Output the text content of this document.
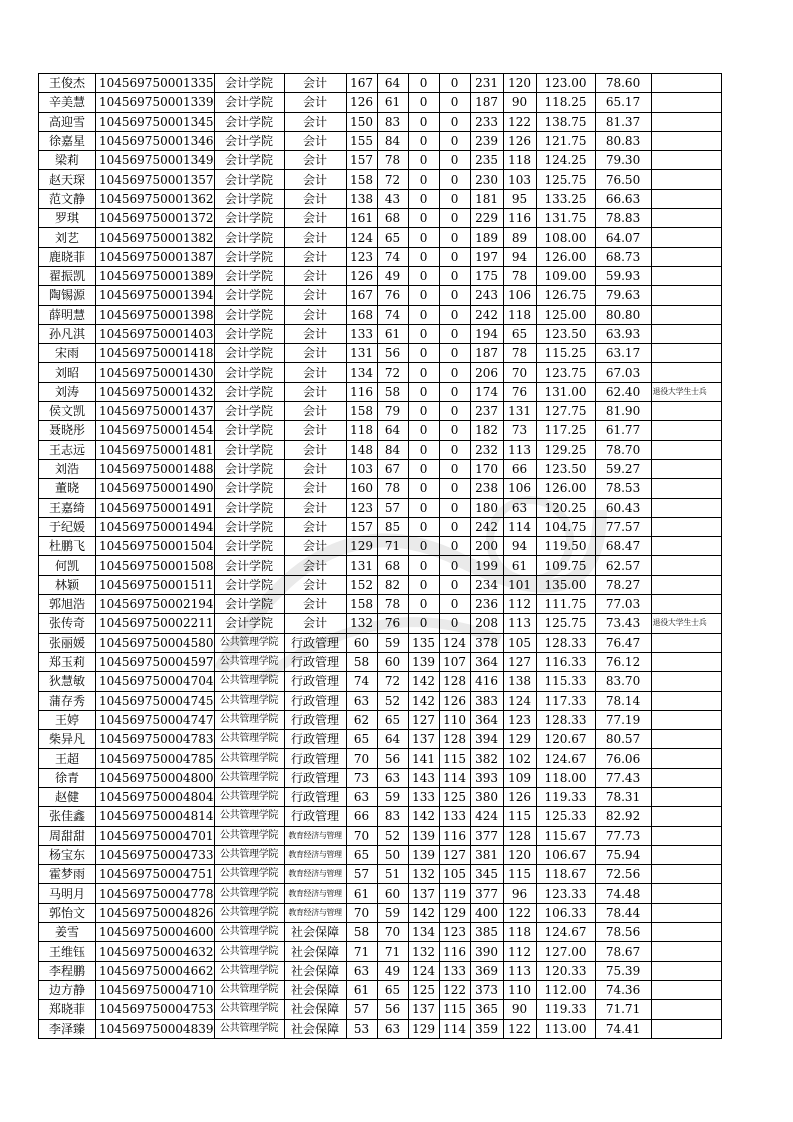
王俊杰	104569750001335	会计学院	会计	167	64	0	0	231	120	123.00	78.60	
辛美慧	104569750001339	会计学院	会计	126	61	0	0	187	90	118.25	65.17	
高迎雪	104569750001345	会计学院	会计	150	83	0	0	233	122	138.75	81.37	
徐嘉星	104569750001346	会计学院	会计	155	84	0	0	239	126	121.75	80.83	
梁莉	104569750001349	会计学院	会计	157	78	0	0	235	118	124.25	79.30	
赵天琛	104569750001357	会计学院	会计	158	72	0	0	230	103	125.75	76.50	
范文静	104569750001362	会计学院	会计	138	43	0	0	181	95	133.25	66.63	
罗琪	104569750001372	会计学院	会计	161	68	0	0	229	116	131.75	78.83	
刘艺	104569750001382	会计学院	会计	124	65	0	0	189	89	108.00	64.07	
鹿晓菲	104569750001387	会计学院	会计	123	74	0	0	197	94	126.00	68.73	
翟振凯	104569750001389	会计学院	会计	126	49	0	0	175	78	109.00	59.93	
陶锡源	104569750001394	会计学院	会计	167	76	0	0	243	106	126.75	79.63	
薛明慧	104569750001398	会计学院	会计	168	74	0	0	242	118	125.00	80.80	
孙凡淇	104569750001403	会计学院	会计	133	61	0	0	194	65	123.50	63.93	
宋雨	104569750001418	会计学院	会计	131	56	0	0	187	78	115.25	63.17	
刘昭	104569750001430	会计学院	会计	134	72	0	0	206	70	123.75	67.03	
刘涛	104569750001432	会计学院	会计	116	58	0	0	174	76	131.00	62.40	退役大学生士兵
侯文凯	104569750001437	会计学院	会计	158	79	0	0	237	131	127.75	81.90	
聂晓彤	104569750001454	会计学院	会计	118	64	0	0	182	73	117.25	61.77	
王志远	104569750001481	会计学院	会计	148	84	0	0	232	113	129.25	78.70	
刘浩	104569750001488	会计学院	会计	103	67	0	0	170	66	123.50	59.27	
董晓	104569750001490	会计学院	会计	160	78	0	0	238	106	126.00	78.53	
王嘉绮	104569750001491	会计学院	会计	123	57	0	0	180	63	120.25	60.43	
于纪媛	104569750001494	会计学院	会计	157	85	0	0	242	114	104.75	77.57	
杜鹏飞	104569750001504	会计学院	会计	129	71	0	0	200	94	119.50	68.47	
何凯	104569750001508	会计学院	会计	131	68	0	0	199	61	109.75	62.57	
林颖	104569750001511	会计学院	会计	152	82	0	0	234	101	135.00	78.27	
郭旭浩	104569750002194	会计学院	会计	158	78	0	0	236	112	111.75	77.03	
张传奇	104569750002211	会计学院	会计	132	76	0	0	208	113	125.75	73.43	退役大学生士兵
张丽媛	104569750004580	公共管理学院	行政管理	60	59	135	124	378	105	128.33	76.47	
郑玉莉	104569750004597	公共管理学院	行政管理	58	60	139	107	364	127	116.33	76.12	
狄慧敏	104569750004704	公共管理学院	行政管理	74	72	142	128	416	138	115.33	83.70	
蒲存秀	104569750004745	公共管理学院	行政管理	63	52	142	126	383	124	117.33	78.14	
王婷	104569750004747	公共管理学院	行政管理	62	65	127	110	364	123	128.33	77.19	
柴异凡	104569750004783	公共管理学院	行政管理	65	64	137	128	394	129	120.67	80.57	
王超	104569750004785	公共管理学院	行政管理	70	56	141	115	382	102	124.67	76.06	
徐青	104569750004800	公共管理学院	行政管理	73	63	143	114	393	109	118.00	77.43	
赵健	104569750004804	公共管理学院	行政管理	63	59	133	125	380	126	119.33	78.31	
张佳鑫	104569750004814	公共管理学院	行政管理	66	83	142	133	424	115	125.33	82.92	
周甜甜	104569750004701	公共管理学院	教育经济与管理	70	52	139	116	377	128	115.67	77.73	
杨宝东	104569750004733	公共管理学院	教育经济与管理	65	50	139	127	381	120	106.67	75.94	
霍梦雨	104569750004751	公共管理学院	教育经济与管理	57	51	132	105	345	115	118.67	72.56	
马明月	104569750004778	公共管理学院	教育经济与管理	61	60	137	119	377	96	123.33	74.48	
郭怡文	104569750004826	公共管理学院	教育经济与管理	70	59	142	129	400	122	106.33	78.44	
姜雪	104569750004600	公共管理学院	社会保障	58	70	134	123	385	118	124.67	78.56	
王维钰	104569750004632	公共管理学院	社会保障	71	71	132	116	390	112	127.00	78.67	
李程鹏	104569750004662	公共管理学院	社会保障	63	49	124	133	369	113	120.33	75.39	
边方静	104569750004710	公共管理学院	社会保障	61	65	125	122	373	110	112.00	74.36	
郑晓菲	104569750004753	公共管理学院	社会保障	57	56	137	115	365	90	119.33	71.71	
李泽臻	104569750004839	公共管理学院	社会保障	53	63	129	114	359	122	113.00	74.41	
